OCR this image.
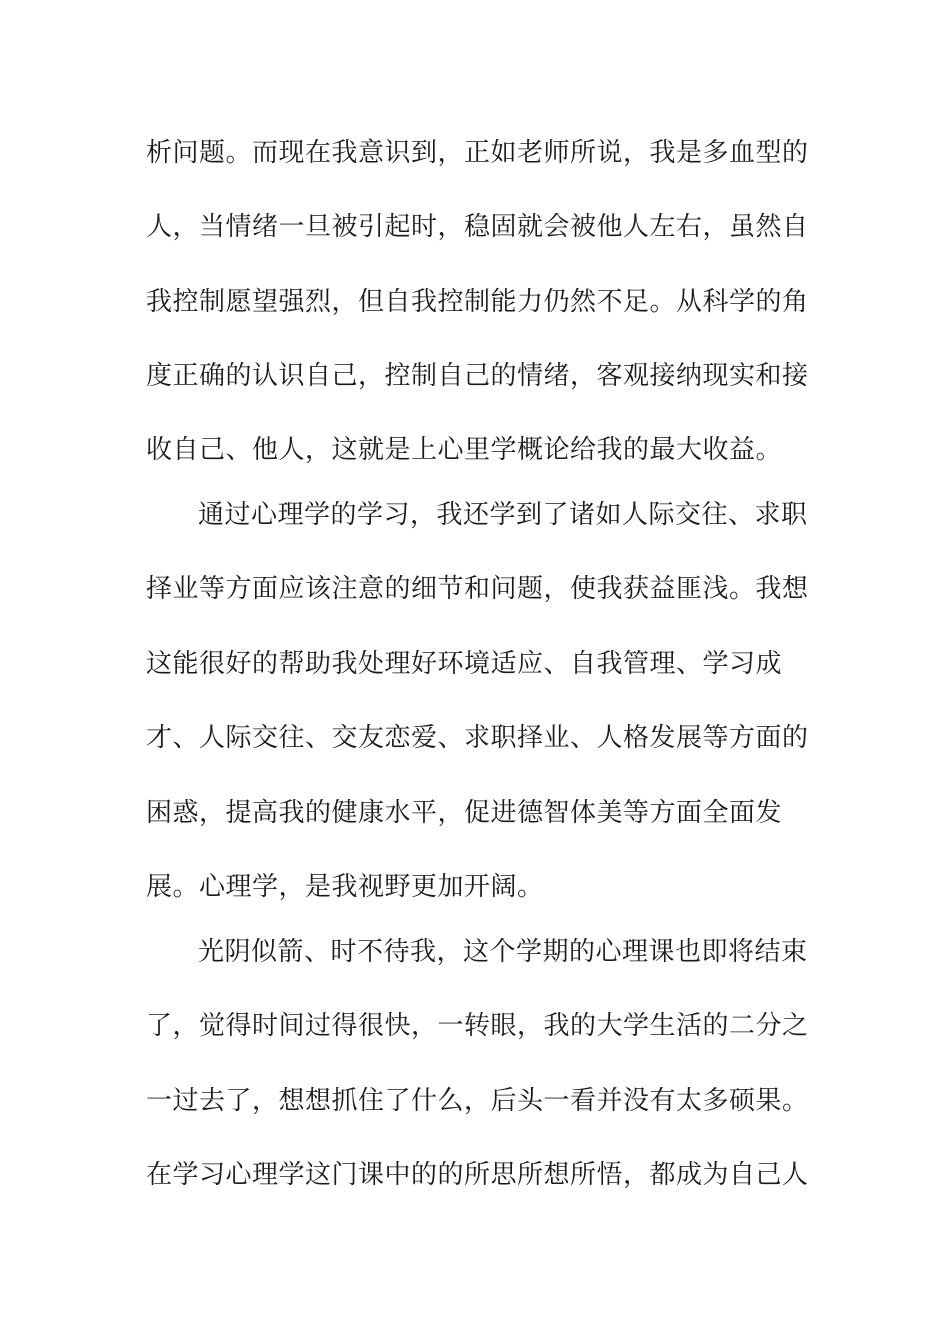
析问题。而现在我意识到，正如老师所说，我是多血型的
人，当情绪一旦被引起时，稳固就会被他人左右，虽然自
我控制愿望强烈，但自我控制能力仍然不足。从科学的角
度正确的认识自己，控制自己的情绪，客观接纳现实和接
收自己、他人，这就是上心里学概论给我的最大收益。
通过心理学的学习，我还学到了诸如人际交往、求职
择业等方面应该注意的细节和问题，使我获益匪浅。我想
这能很好的帮助我处理好环境适应、自我管理、学习成
才、人际交往、交友恋爱、求职择业、人格发展等方面的
困惑，提高我的健康水平，促进德智体美等方面全面发
展。心理学，是我视野更加开阔。
光阴似箭、时不待我，这个学期的心理课也即将结束
了，觉得时间过得很快，一转眼，我的大学生活的二分之
一过去了，想想抓住了什么，后头一看并没有太多硕果。
在学习心理学这门课中的的所思所想所悟，都成为自己人
